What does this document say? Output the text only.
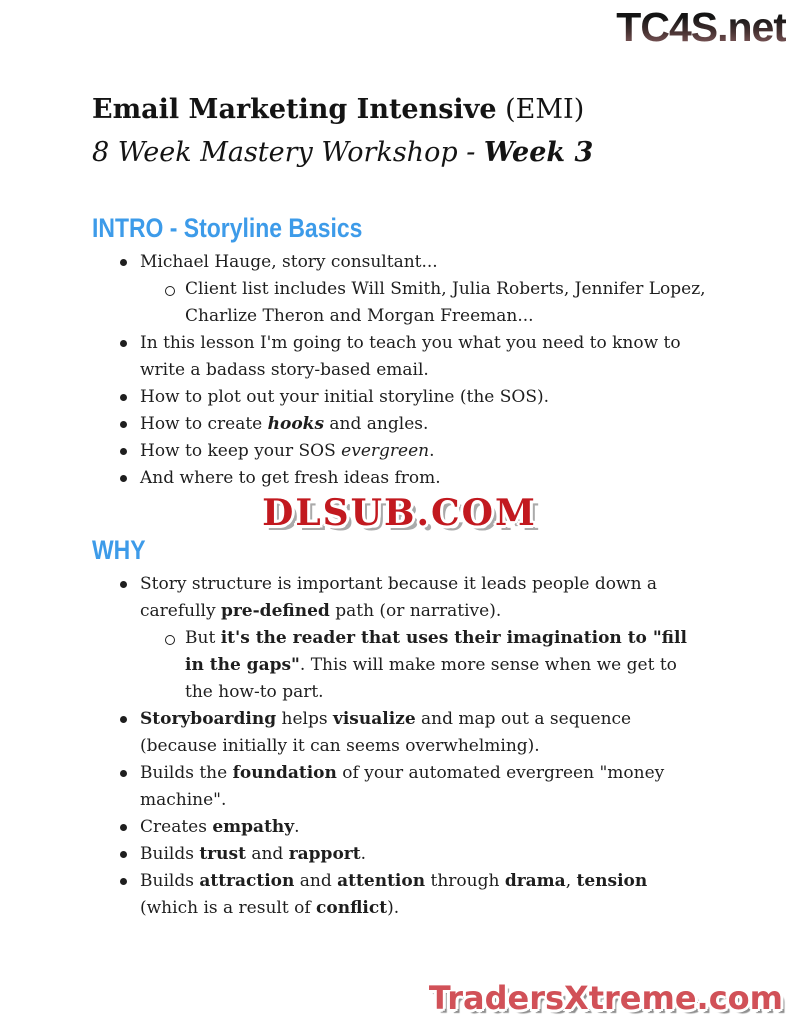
TC4S.net
Email Marketing Intensive (EMI)
8 Week Mastery Workshop - Week 3
INTRO - Storyline Basics
Michael Hauge, story consultant...
Client list includes Will Smith, Julia Roberts, Jennifer Lopez, Charlize Theron and Morgan Freeman...
In this lesson I'm going to teach you what you need to know to write a badass story-based email.
How to plot out your initial storyline (the SOS).
How to create hooks and angles.
How to keep your SOS evergreen.
And where to get fresh ideas from.
DLSUB.COM
WHY
Story structure is important because it leads people down a carefully pre-defined path (or narrative).
But it's the reader that uses their imagination to "fill in the gaps". This will make more sense when we get to the how-to part.
Storyboarding helps visualize and map out a sequence (because initially it can seems overwhelming).
Builds the foundation of your automated evergreen "money machine".
Creates empathy.
Builds trust and rapport.
Builds attraction and attention through drama, tension (which is a result of conflict).
TradersXtreme.com
